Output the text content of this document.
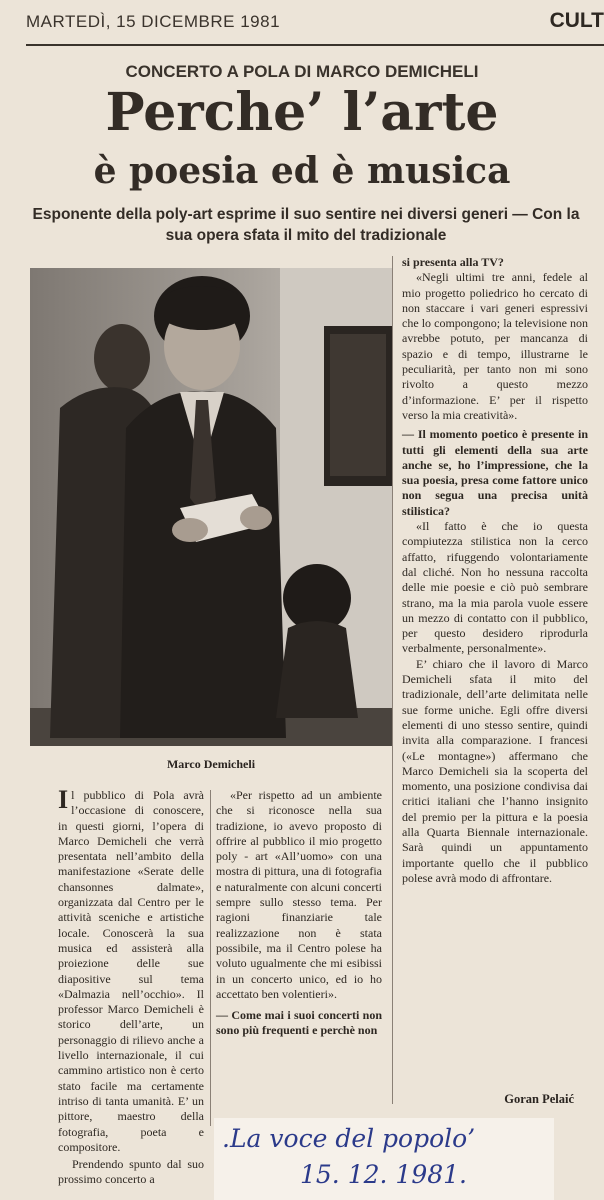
MARTEDÌ, 15 DICEMBRE 1981	CULT
CONCERTO A POLA DI MARCO DEMICHELI
Perche’ l’arte
è poesia ed è musica
Esponente della poly-art esprime il suo sentire nei diversi generi — Con la sua opera sfata il mito del tradizionale
Marco Demicheli

Il pubblico di Pola avrà l’occasione di conoscere, in questi giorni, l’opera di Marco Demicheli che verrà presentata nell’ambito della manifestazione «Serate delle chansonnes dalmate», organizzata dal Centro per le attività sceniche e artistiche locale. Conoscerà la sua musica ed assisterà alla proiezione delle sue diapositive sul tema «Dalmazia nell’occhio». Il professor Marco Demicheli è storico dell’arte, un personaggio di rilievo anche a livello internazionale, il cui cammino artistico non è certo stato facile ma certamente intriso di tanta umanità. E’ un pittore, maestro della fotografia, poeta e compositore.

Prendendo spunto dal suo prossimo concerto a

«Per rispetto ad un ambiente che si riconosce nella sua tradizione, io avevo proposto di offrire al pubblico il mio progetto poly - art «All’uomo» con una mostra di pittura, una di fotografia e naturalmente con alcuni concerti sempre sullo stesso tema. Per ragioni finanziarie tale realizzazione non è stata possibile, ma il Centro polese ha voluto ugualmente che mi esibissi in un concerto unico, ed io ho accettato ben volentieri».

— Come mai i suoi concerti non sono più frequenti e perchè non

si presenta alla TV?

«Negli ultimi tre anni, fedele al mio progetto poliedrico ho cercato di non staccare i vari generi espressivi che lo compongono; la televisione non avrebbe potuto, per mancanza di spazio e di tempo, illustrarne le peculiarità, per tanto non mi sono rivolto a questo mezzo d’informazione. E’ per il rispetto verso la mia creatività».

— Il momento poetico è presente in tutti gli elementi della sua arte anche se, ho l’impressione, che la sua poesia, presa come fattore unico non segua una precisa unità stilistica?

«Il fatto è che io questa compiutezza stilistica non la cerco affatto, rifuggendo volontariamente dal cliché. Non ho nessuna raccolta delle mie poesie e ciò può sembrare strano, ma la mia parola vuole essere un mezzo di contatto con il pubblico, per questo desidero riprodurla verbalmente, personalmente».

E’ chiaro che il lavoro di Marco Demicheli sfata il mito del tradizionale, dell’arte delimitata nelle sue forme uniche. Egli offre diversi elementi di uno stesso sentire, quindi invita alla comparazione. I francesi («Le montagne») affermano che Marco Demicheli sia la scoperta del momento, una posizione condivisa dai critici italiani che l’hanno insignito del premio per la pittura e la poesia alla Quarta Biennale internazionale. Sarà quindi un appuntamento importante quello che il pubblico polese avrà modo di affrontare.

Goran Pelaić
.La voce del popolo’
15. 12. 1981.
